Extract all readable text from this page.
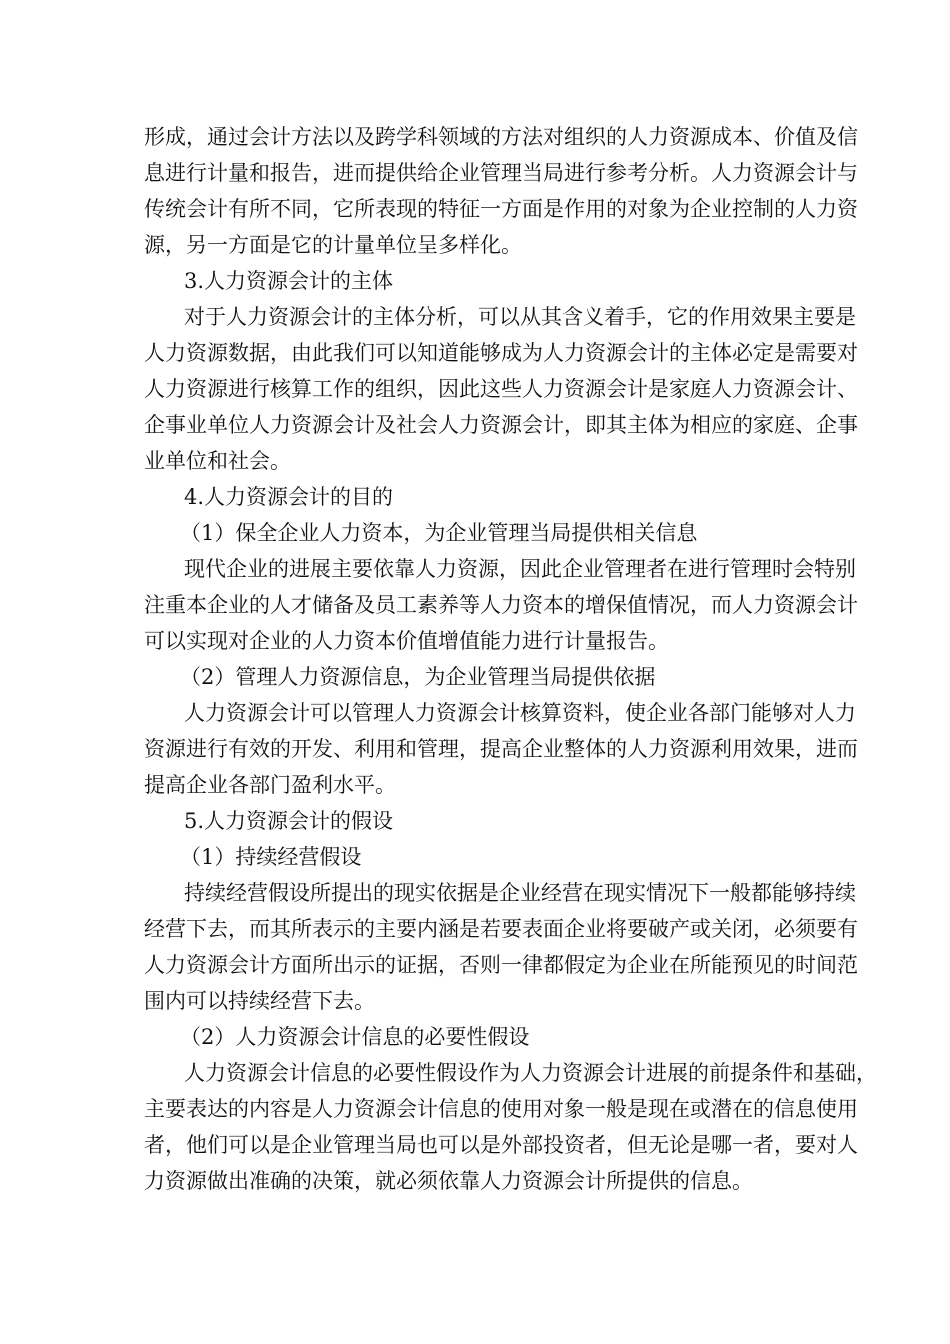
形成，通过会计方法以及跨学科领域的方法对组织的人力资源成本、价值及信
息进行计量和报告，进而提供给企业管理当局进行参考分析。人力资源会计与
传统会计有所不同，它所表现的特征一方面是作用的对象为企业控制的人力资
源，另一方面是它的计量单位呈多样化。
3.人力资源会计的主体
对于人力资源会计的主体分析，可以从其含义着手，它的作用效果主要是
人力资源数据，由此我们可以知道能够成为人力资源会计的主体必定是需要对
人力资源进行核算工作的组织，因此这些人力资源会计是家庭人力资源会计、
企事业单位人力资源会计及社会人力资源会计，即其主体为相应的家庭、企事
业单位和社会。
4.人力资源会计的目的
（1）保全企业人力资本，为企业管理当局提供相关信息
现代企业的进展主要依靠人力资源，因此企业管理者在进行管理时会特别
注重本企业的人才储备及员工素养等人力资本的增保值情况，而人力资源会计
可以实现对企业的人力资本价值增值能力进行计量报告。
（2）管理人力资源信息，为企业管理当局提供依据
人力资源会计可以管理人力资源会计核算资料，使企业各部门能够对人力
资源进行有效的开发、利用和管理，提高企业整体的人力资源利用效果，进而
提高企业各部门盈利水平。
5.人力资源会计的假设
（1）持续经营假设
持续经营假设所提出的现实依据是企业经营在现实情况下一般都能够持续
经营下去，而其所表示的主要内涵是若要表面企业将要破产或关闭，必须要有
人力资源会计方面所出示的证据，否则一律都假定为企业在所能预见的时间范
围内可以持续经营下去。
（2）人力资源会计信息的必要性假设
人力资源会计信息的必要性假设作为人力资源会计进展的前提条件和基础，
主要表达的内容是人力资源会计信息的使用对象一般是现在或潜在的信息使用
者，他们可以是企业管理当局也可以是外部投资者，但无论是哪一者，要对人
力资源做出准确的决策，就必须依靠人力资源会计所提供的信息。
